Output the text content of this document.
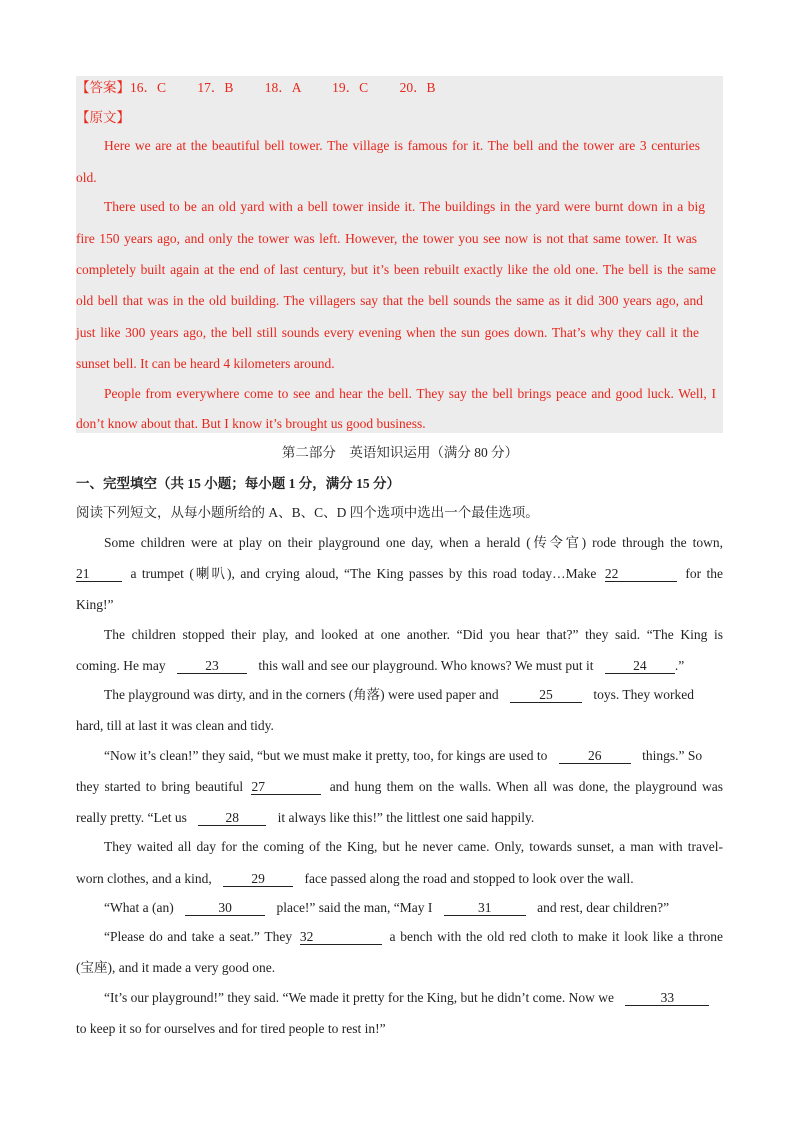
【答案】16．C 17．B 18．A 19．C 20．B
【原文】
Here we are at the beautiful bell tower. The village is famous for it. The bell and the tower are 3 centuries
old.
There used to be an old yard with a bell tower inside it. The buildings in the yard were burnt down in a big
fire 150 years ago, and only the tower was left. However, the tower you see now is not that same tower. It was
completely built again at the end of last century, but it’s been rebuilt exactly like the old one. The bell is the same
old bell that was in the old building. The villagers say that the bell sounds the same as it did 300 years ago, and
just like 300 years ago, the bell still sounds every evening when the sun goes down. That’s why they call it the
sunset bell. It can be heard 4 kilometers around.
People from everywhere come to see and hear the bell. They say the bell brings peace and good luck. Well, I
don’t know about that. But I know it’s brought us good business.
第二部分　英语知识运用（满分 80 分）
一、完型填空（共 15 小题；每小题 1 分，满分 15 分）
阅读下列短文，从每小题所给的 A、B、C、D 四个选项中选出一个最佳选项。
Some children were at play on their playground one day, when a herald (传令官) rode through the town,
21	a trumpet (喇叭), and crying aloud, “The King passes by this road today…Make 22	for the
King!”
The children stopped their play, and looked at one another. “Did you hear that?” they said. “The King is
coming. He may	23	this wall and see our playground. Who knows? We must put it	24 .”
The playground was dirty, and in the corners (角落) were used paper and	25	toys. They worked
hard, till at last it was clean and tidy.
“Now it’s clean!” they said, “but we must make it pretty, too, for kings are used to	26	things.” So
they started to bring beautiful 27	and hung them on the walls. When all was done, the playground was
really pretty. “Let us	28	it always like this!” the littlest one said happily.
They waited all day for the coming of the King, but he never came. Only, towards sunset, a man with travel-
worn clothes, and a kind,	29	face passed along the road and stopped to look over the wall.
“What a (an)	30	place!” said the man, “May I	31	and rest, dear children?”
“Please do and take a seat.” They 32	a bench with the old red cloth to make it look like a throne
(宝座), and it made a very good one.
“It’s our playground!” they said. “We made it pretty for the King, but he didn’t come. Now we	33
to keep it so for ourselves and for tired people to rest in!”
